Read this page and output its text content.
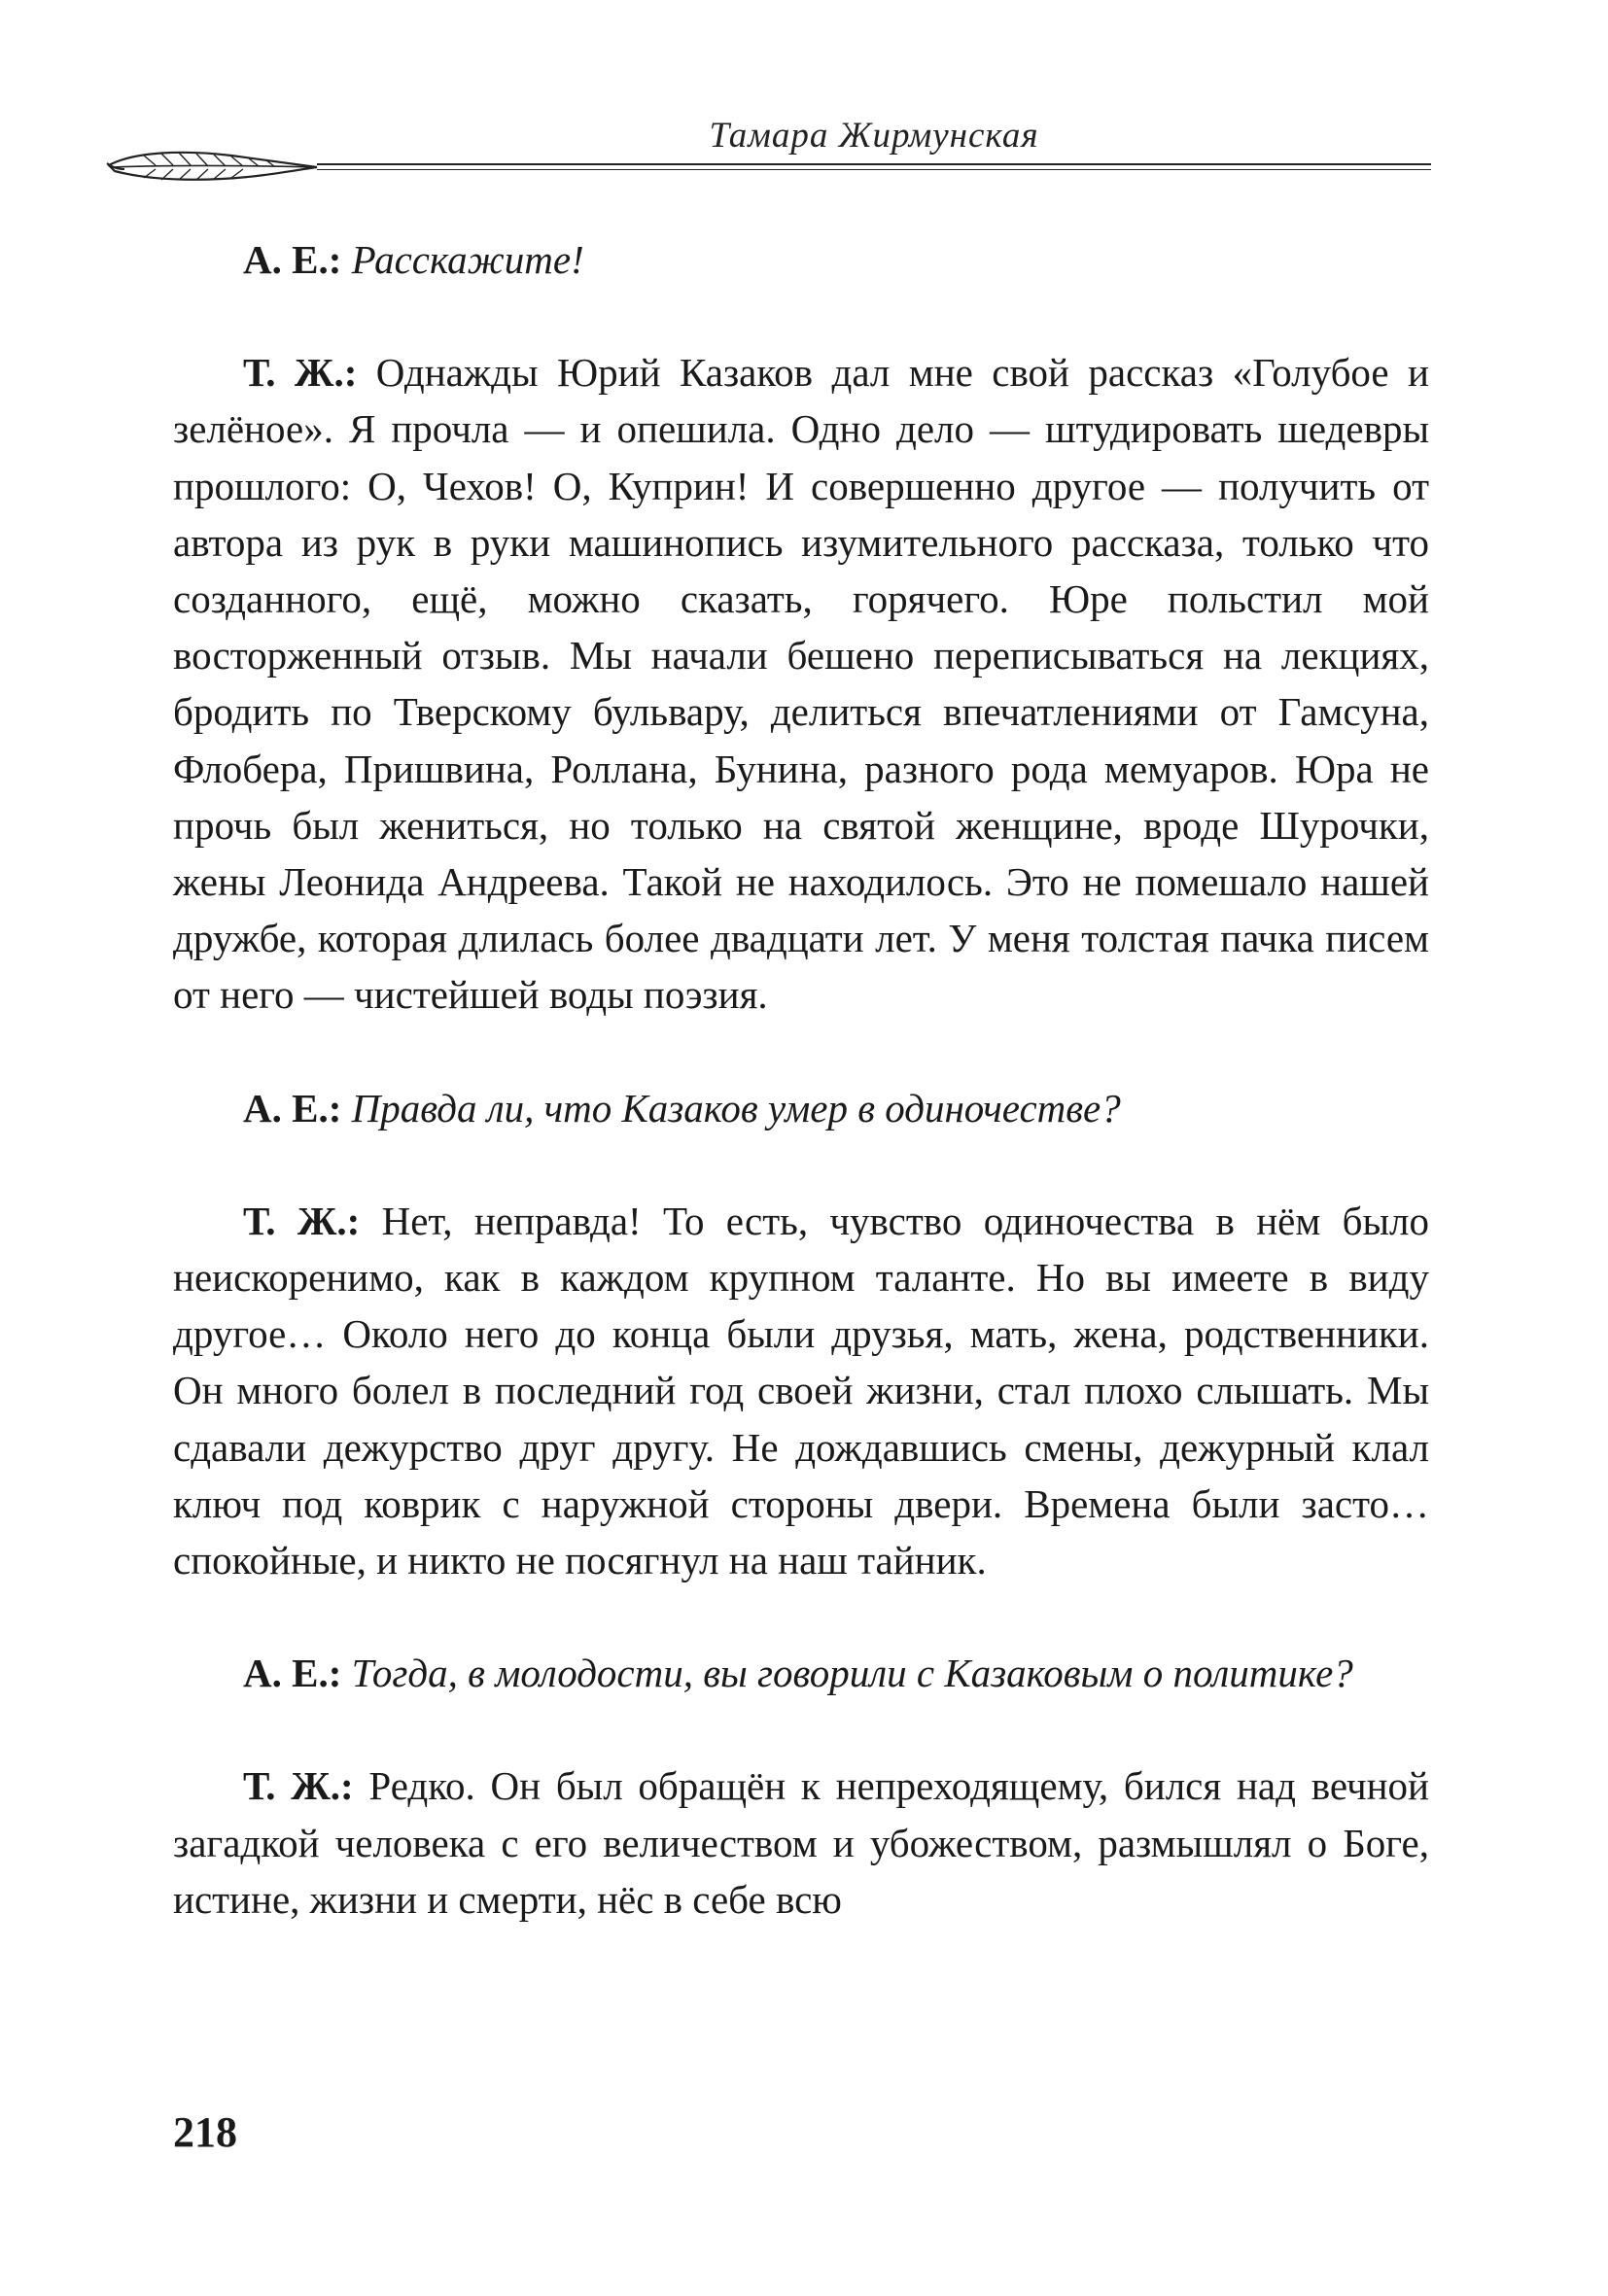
Тамара Жирмунская

А. Е.: Расскажите!

Т. Ж.: Однажды Юрий Казаков дал мне свой рассказ «Голубое и зелёное». Я прочла — и опешила. Одно дело — штудировать шедевры прошлого: О, Чехов! О, Куприн! И совершенно другое — получить от автора из рук в руки машинопись изумительного рассказа, только что созданного, ещё, можно сказать, горячего. Юре польстил мой восторженный отзыв. Мы начали бешено переписываться на лекциях, бродить по Тверскому бульвару, делиться впечатлениями от Гамсуна, Флобера, Пришвина, Роллана, Бунина, разного рода мемуаров. Юра не прочь был жениться, но только на святой женщине, вроде Шурочки, жены Леонида Андреева. Такой не находилось. Это не помешало нашей дружбе, которая длилась более двадцати лет. У меня толстая пачка писем от него — чистейшей воды поэзия.

А. Е.: Правда ли, что Казаков умер в одиночестве?

Т. Ж.: Нет, неправда! То есть, чувство одиночества в нём было неискоренимо, как в каждом крупном таланте. Но вы имеете в виду другое… Около него до конца были друзья, мать, жена, родственники. Он много болел в последний год своей жизни, стал плохо слышать. Мы сдавали дежурство друг другу. Не дождавшись смены, дежурный клал ключ под коврик с наружной стороны двери. Времена были засто… спокойные, и никто не посягнул на наш тайник.

А. Е.: Тогда, в молодости, вы говорили с Казаковым о политике?

Т. Ж.: Редко. Он был обращён к непреходящему, бился над вечной загадкой человека с его величеством и убожеством, размышлял о Боге, истине, жизни и смерти, нёс в себе всю

218
